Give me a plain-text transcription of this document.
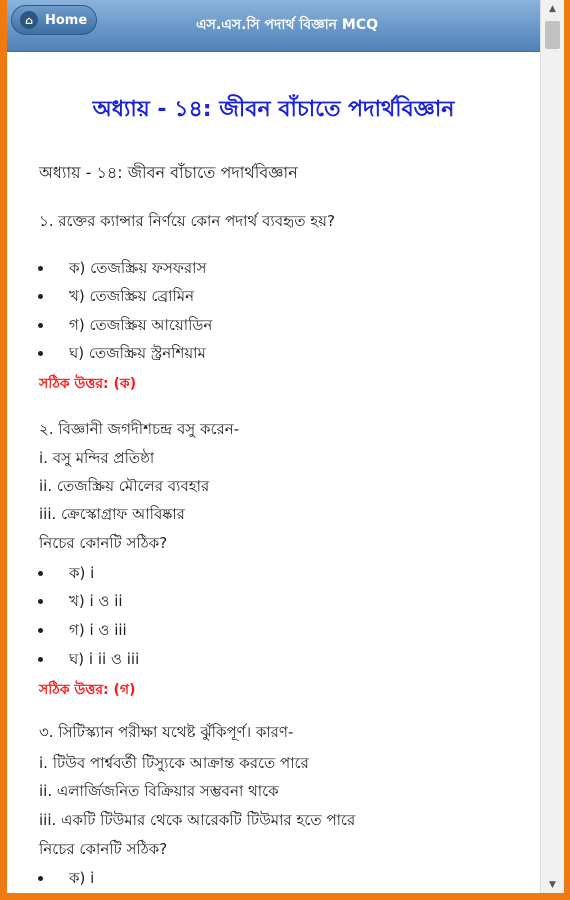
⌂ Home	এস.এস.সি পদার্থ বিজ্ঞান MCQ
অধ্যায় - ১৪: জীবন বাঁচাতে পদার্থবিজ্ঞান
অধ্যায় - ১৪: জীবন বাঁচাতে পদার্থবিজ্ঞান
১. রক্তের ক্যান্সার নির্ণয়ে কোন পদার্থ ব্যবহৃত হয়?
ক) তেজস্ক্রিয় ফসফরাস
খ) তেজস্ক্রিয় ব্রোমিন
গ) তেজস্ক্রিয় আয়োডিন
ঘ) তেজস্ক্রিয় স্ট্রনশিয়াম
সঠিক উত্তর: (ক)
২. বিজ্ঞানী জগদীশচন্দ্র বসু করেন-
i. বসু মন্দির প্রতিষ্ঠা
ii. তেজস্ক্রিয় মৌলের ব্যবহার
iii. ক্রেস্কোগ্রাফ আবিষ্কার
নিচের কোনটি সঠিক?
ক) i
খ) i ও ii
গ) i ও iii
ঘ) i ii ও iii
সঠিক উত্তর: (গ)
৩. সিটিস্ক্যান পরীক্ষা যথেষ্ট ঝুঁকিপূর্ণ। কারণ-
i. টিউব পার্শ্ববর্তী টিস্যুকে আক্রান্ত করতে পারে
ii. এলার্জিজনিত বিক্রিয়ার সম্ভবনা থাকে
iii. একটি টিউমার থেকে আরেকটি টিউমার হতে পারে
নিচের কোনটি সঠিক?
ক) i
▲
▼
